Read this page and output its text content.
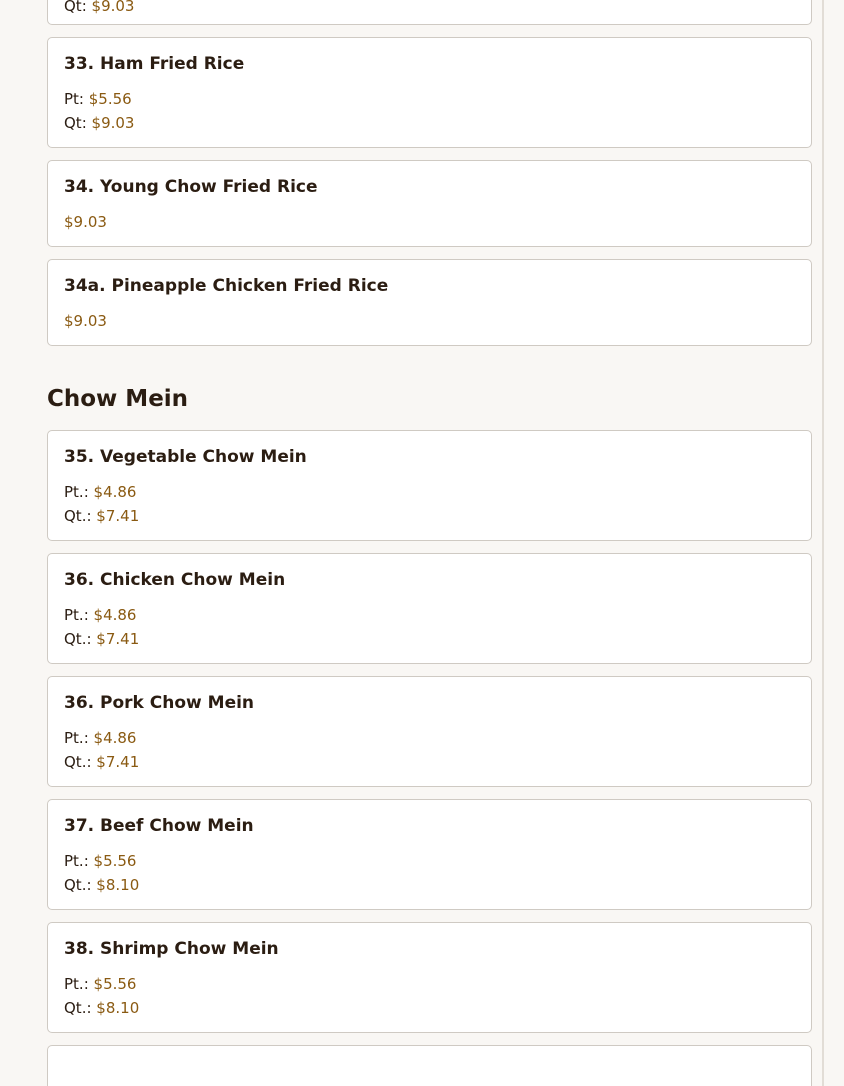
Qt: $9.03
33. Ham Fried Rice
Pt: $5.56
Qt: $9.03
34. Young Chow Fried Rice
$9.03
34a. Pineapple Chicken Fried Rice
$9.03
Chow Mein
35. Vegetable Chow Mein
Pt.: $4.86
Qt.: $7.41
36. Chicken Chow Mein
Pt.: $4.86
Qt.: $7.41
36. Pork Chow Mein
Pt.: $4.86
Qt.: $7.41
37. Beef Chow Mein
Pt.: $5.56
Qt.: $8.10
38. Shrimp Chow Mein
Pt.: $5.56
Qt.: $8.10
